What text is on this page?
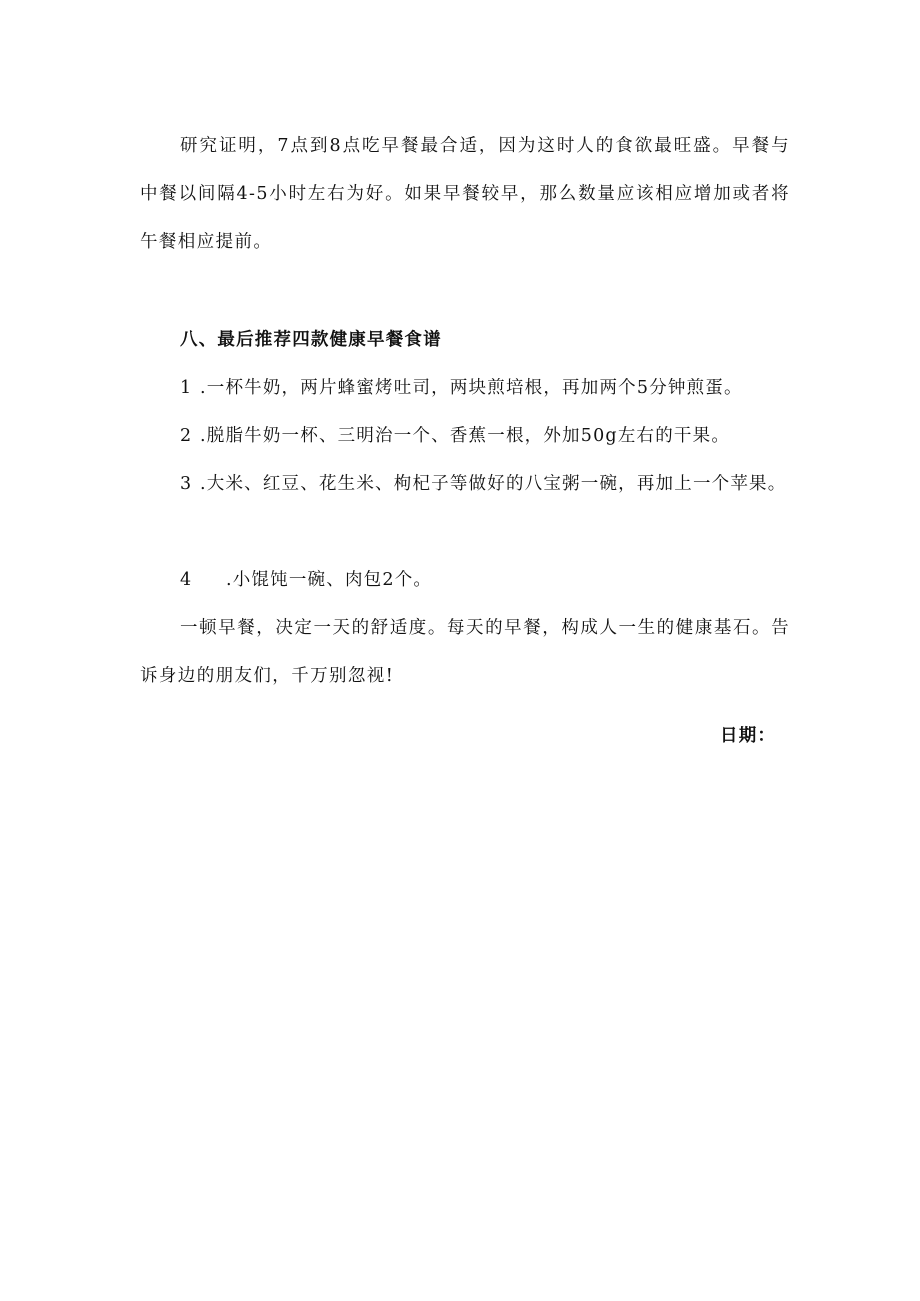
研究证明，7点到8点吃早餐最合适，因为这时人的食欲最旺盛。早餐与中餐以间隔4-5小时左右为好。如果早餐较早，那么数量应该相应增加或者将午餐相应提前。

八、最后推荐四款健康早餐食谱

1 .一杯牛奶，两片蜂蜜烤吐司，两块煎培根，再加两个5分钟煎蛋。

2 .脱脂牛奶一杯、三明治一个、香蕉一根，外加50g左右的干果。

3 .大米、红豆、花生米、枸杞子等做好的八宝粥一碗，再加上一个苹果。

4 .小馄饨一碗、肉包2个。

一顿早餐，决定一天的舒适度。每天的早餐，构成人一生的健康基石。告诉身边的朋友们，千万别忽视!

日期：
